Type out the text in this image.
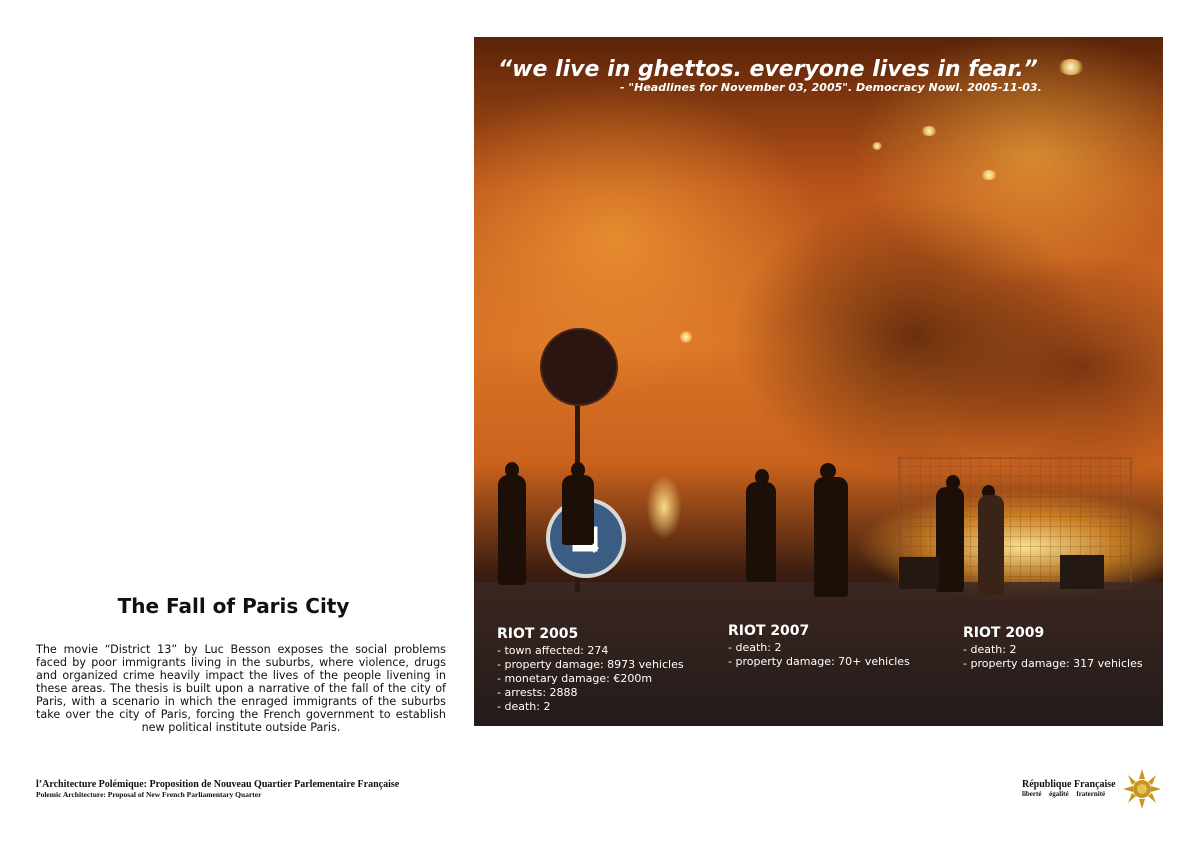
The Fall of Paris City
The movie “District 13” by Luc Besson exposes the social problems faced by poor immigrants living in the suburbs, where violence, drugs and organized crime heavily impact the lives of the people livening in these areas. The thesis is built upon a narrative of the fall of the city of Paris, with a scenario in which the enraged immigrants of the suburbs take over the city of Paris, forcing the French government to establish new political institute outside Paris.
“we live in ghettos. everyone lives in fear.”
- "Headlines for November 03, 2005". Democracy Nowl. 2005-11-03.
RIOT 2005
- town affected: 274
- property damage: 8973 vehicles
- monetary damage: €200m
- arrests: 2888
- death: 2
RIOT 2007
- death: 2
- property damage: 70+ vehicles
RIOT 2009
- death: 2
- property damage: 317 vehicles
l’Architecture Polémique: Proposition de Nouveau Quartier Parlementaire Française
Polemic Architecture: Proposal of New French Parliamentary Quarter
République Française
liberté égalité fraternité
